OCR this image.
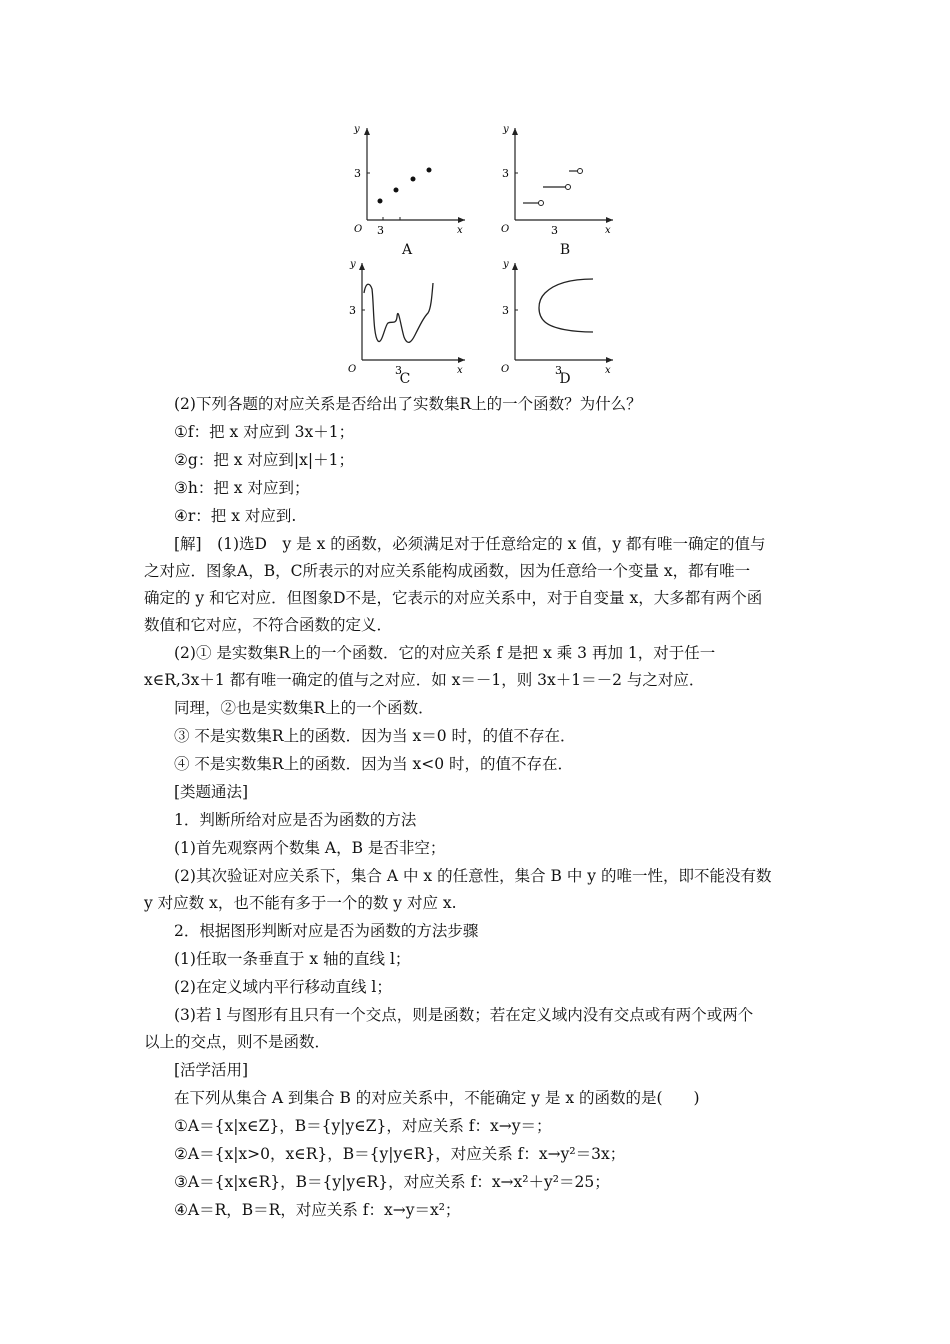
y
x
O 3
3
A
y
x
O	3
3
B
y
x
O	3
3
C
y
x
O	3
3
D
(2)下列各题的对应关系是否给出了实数集R上的一个函数？为什么？
①f：把 x 对应到 3x＋1；
②g：把 x 对应到|x|＋1；
③h：把 x 对应到；
④r：把 x 对应到.
[解]　(1)选D　y 是 x 的函数，必须满足对于任意给定的 x 值，y 都有唯一确定的值与
之对应．图象A，B，C所表示的对应关系能构成函数，因为任意给一个变量 x，都有唯一
确定的 y 和它对应．但图象D不是，它表示的对应关系中，对于自变量 x，大多都有两个函
数值和它对应，不符合函数的定义．
(2)① 是实数集R上的一个函数．它的对应关系 f 是把 x 乘 3 再加 1，对于任一
x∈R,3x＋1 都有唯一确定的值与之对应．如 x＝－1，则 3x＋1＝－2 与之对应．
同理，②也是实数集R上的一个函数．
③ 不是实数集R上的函数．因为当 x＝0 时，的值不存在．
④ 不是实数集R上的函数．因为当 x<0 时，的值不存在．
[类题通法]
1．判断所给对应是否为函数的方法
(1)首先观察两个数集 A，B 是否非空；
(2)其次验证对应关系下，集合 A 中 x 的任意性，集合 B 中 y 的唯一性，即不能没有数
y 对应数 x，也不能有多于一个的数 y 对应 x.
2．根据图形判断对应是否为函数的方法步骤
(1)任取一条垂直于 x 轴的直线 l；
(2)在定义域内平行移动直线 l；
(3)若 l 与图形有且只有一个交点，则是函数；若在定义域内没有交点或有两个或两个
以上的交点，则不是函数．
[活学活用]
在下列从集合 A 到集合 B 的对应关系中，不能确定 y 是 x 的函数的是(　　)
①A＝{x|x∈Z}，B＝{y|y∈Z}，对应关系 f：x→y＝；
②A＝{x|x>0，x∈R}，B＝{y|y∈R}，对应关系 f：x→y²＝3x；
③A＝{x|x∈R}，B＝{y|y∈R}，对应关系 f：x→x²＋y²＝25；
④A＝R，B＝R，对应关系 f：x→y＝x²；
